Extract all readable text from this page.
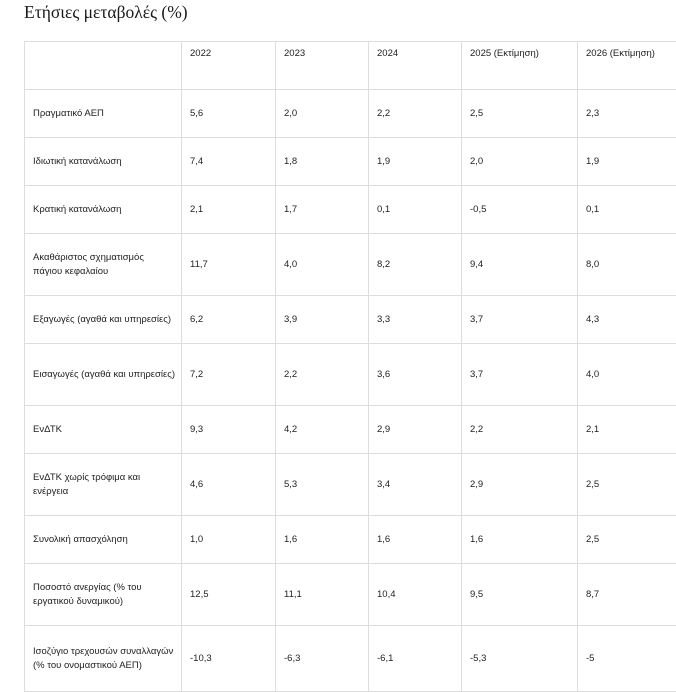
Ετήσιες μεταβολές (%)
	2022	2023	2024	2025 (Εκτίμηση)	2026 (Εκτίμηση)
Πραγματικό ΑΕΠ	5,6	2,0	2,2	2,5	2,3
Ιδιωτική κατανάλωση	7,4	1,8	1,9	2,0	1,9
Κρατική κατανάλωση	2,1	1,7	0,1	-0,5	0,1
Ακαθάριστος σχηματισμός πάγιου κεφαλαίου	11,7	4,0	8,2	9,4	8,0
Εξαγωγές (αγαθά και υπηρεσίες)	6,2	3,9	3,3	3,7	4,3
Εισαγωγές (αγαθά και υπηρεσίες)	7,2	2,2	3,6	3,7	4,0
ΕνΔΤΚ	9,3	4,2	2,9	2,2	2,1
ΕνΔΤΚ χωρίς τρόφιμα και ενέργεια	4,6	5,3	3,4	2,9	2,5
Συνολική απασχόληση	1,0	1,6	1,6	1,6	2,5
Ποσοστό ανεργίας (% του εργατικού δυναμικού)	12,5	11,1	10,4	9,5	8,7
Ισοζύγιο τρεχουσών συναλλαγών (% του ονομαστικού ΑΕΠ)	-10,3	-6,3	-6,1	-5,3	-5
